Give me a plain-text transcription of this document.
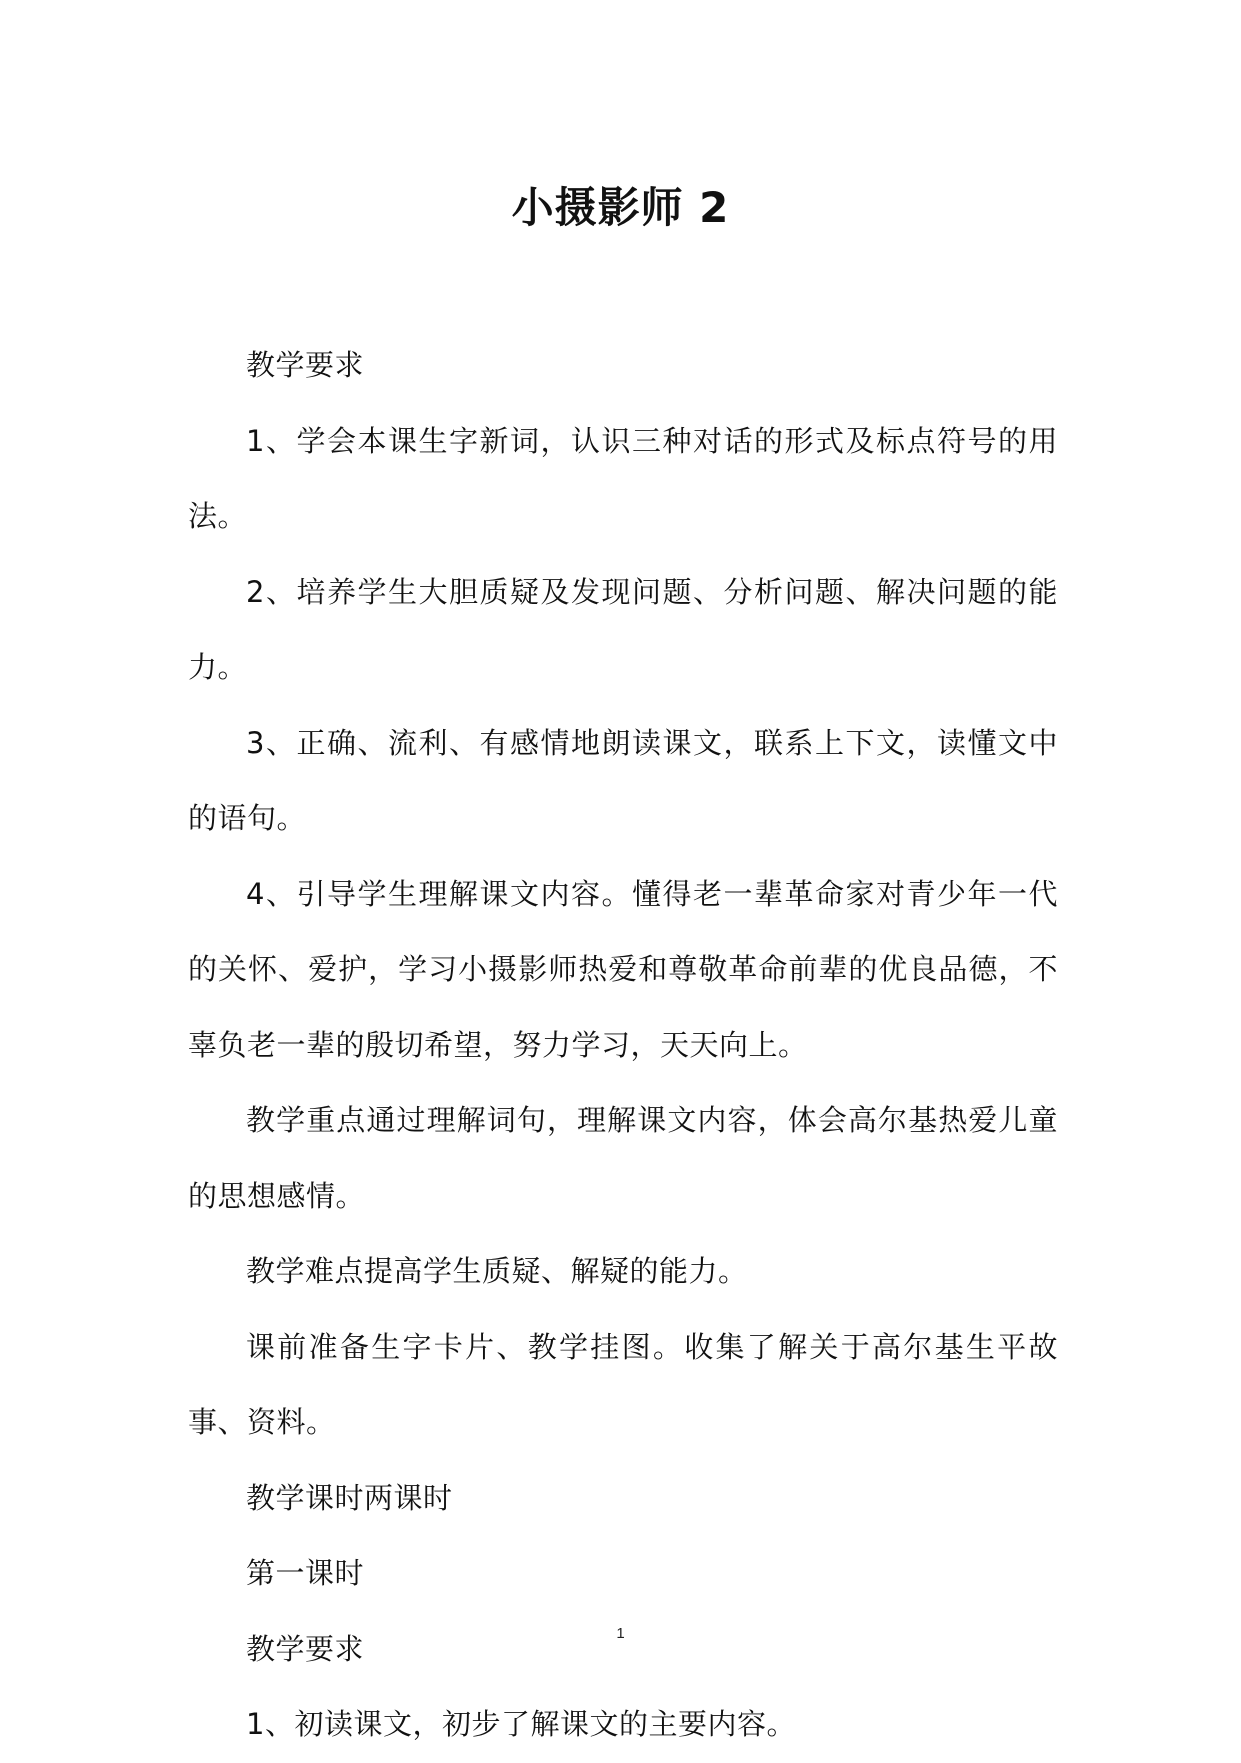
小摄影师 2

教学要求

1、学会本课生字新词，认识三种对话的形式及标点符号的用法。

2、培养学生大胆质疑及发现问题、分析问题、解决问题的能力。

3、正确、流利、有感情地朗读课文，联系上下文，读懂文中的语句。

4、引导学生理解课文内容。懂得老一辈革命家对青少年一代的关怀、爱护，学习小摄影师热爱和尊敬革命前辈的优良品德，不辜负老一辈的殷切希望，努力学习，天天向上。

教学重点通过理解词句，理解课文内容，体会高尔基热爱儿童的思想感情。

教学难点提高学生质疑、解疑的能力。

课前准备生字卡片、教学挂图。收集了解关于高尔基生平故事、资料。

教学课时两课时

第一课时

教学要求

1、初读课文，初步了解课文的主要内容。

1
